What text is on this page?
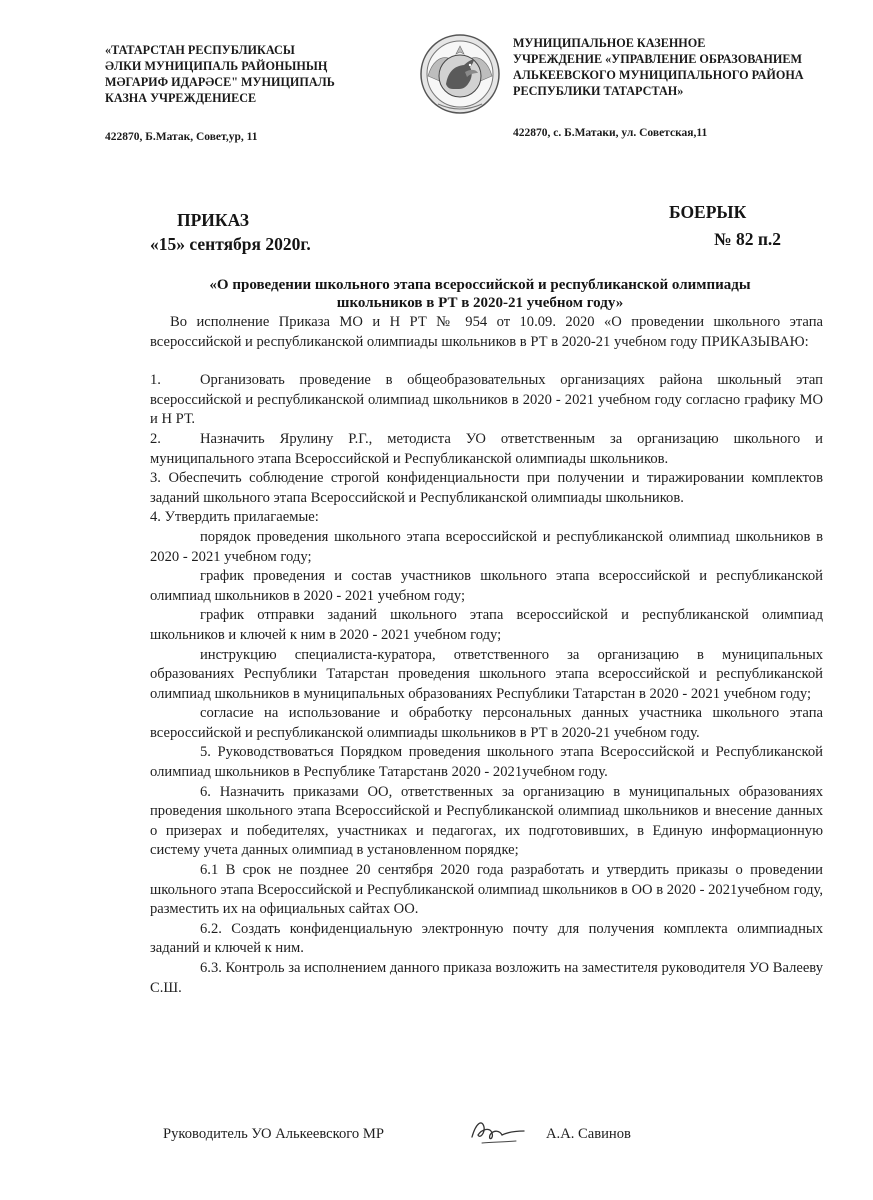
«ТАТАРСТАН РЕСПУБЛИКАСЫ
ӘЛКИ МУНИЦИПАЛЬ РАЙОНЫНЫҢ
МӘГАРИФ ИДАРӘСЕ" МУНИЦИПАЛЬ
КАЗНА УЧРЕЖДЕНИЕСЕ
422870, Б.Матак, Совет,ур, 11
МУНИЦИПАЛЬНОЕ КАЗЕННОЕ
УЧРЕЖДЕНИЕ «УПРАВЛЕНИЕ ОБРАЗОВАНИЕМ
АЛЬКЕЕВСКОГО МУНИЦИПАЛЬНОГО РАЙОНА
РЕСПУБЛИКИ ТАТАРСТАН»
422870, с. Б.Матаки, ул. Советская,11
ПРИКАЗ
«15» сентября 2020г.
БОЕРЫК
№ 82 п.2
«О проведении школьного этапа всероссийской и республиканской олимпиады
школьников в РТ в 2020-21 учебном году»

Во исполнение Приказа МО и Н РТ № 954 от 10.09. 2020 «О проведении школьного этапа всероссийской и республиканской олимпиады школьников в РТ в 2020-21 учебном году ПРИКАЗЫВАЮ:

1.	Организовать проведение в общеобразовательных организациях района школьный этап всероссийской и республиканской олимпиад школьников в 2020 - 2021 учебном году согласно графику МО и Н РТ.

2.	Назначить Ярулину Р.Г., методиста УО ответственным за организацию школьного и муниципального этапа Всероссийской и Республиканской олимпиады школьников.

3. Обеспечить соблюдение строгой конфиденциальности при получении и тиражировании комплектов заданий школьного этапа Всероссийской и Республиканской олимпиады школьников.

4. Утвердить прилагаемые:

порядок проведения школьного этапа всероссийской и республиканской олимпиад школьников в 2020 - 2021 учебном году;

график проведения и состав участников школьного этапа всероссийской и республиканской олимпиад школьников в 2020 - 2021 учебном году;

график отправки заданий школьного этапа всероссийской и республиканской олимпиад школьников и ключей к ним в 2020 - 2021 учебном году;

инструкцию специалиста-куратора, ответственного за организацию в муниципальных образованиях Республики Татарстан проведения школьного этапа всероссийской и республиканской олимпиад школьников в муниципальных образованиях Республики Татарстан в 2020 - 2021 учебном году;

согласие на использование и обработку персональных данных участника школьного этапа всероссийской и республиканской олимпиады школьников в РТ в 2020-21 учебном году.

5. Руководствоваться Порядком проведения школьного этапа Всероссийской и Республиканской олимпиад школьников в Республике Татарстанв 2020 - 2021учебном году.

6. Назначить приказами ОО, ответственных за организацию в муниципальных образованиях проведения школьного этапа Всероссийской и Республиканской олимпиад школьников и внесение данных о призерах и победителях, участниках и педагогах, их подготовивших, в Единую информационную систему учета данных олимпиад в установленном порядке;

6.1 В срок не позднее 20 сентября 2020 года разработать и утвердить приказы о проведении школьного этапа Всероссийской и Республиканской олимпиад школьников в ОО в 2020 - 2021учебном году, разместить их на официальных сайтах ОО.

6.2. Создать конфиденциальную электронную почту для получения комплекта олимпиадных заданий и ключей к ним.

6.3. Контроль за исполнением данного приказа возложить на заместителя руководителя УО Валееву С.Ш.

Руководитель УО Алькеевского МР	А.А. Савинов
